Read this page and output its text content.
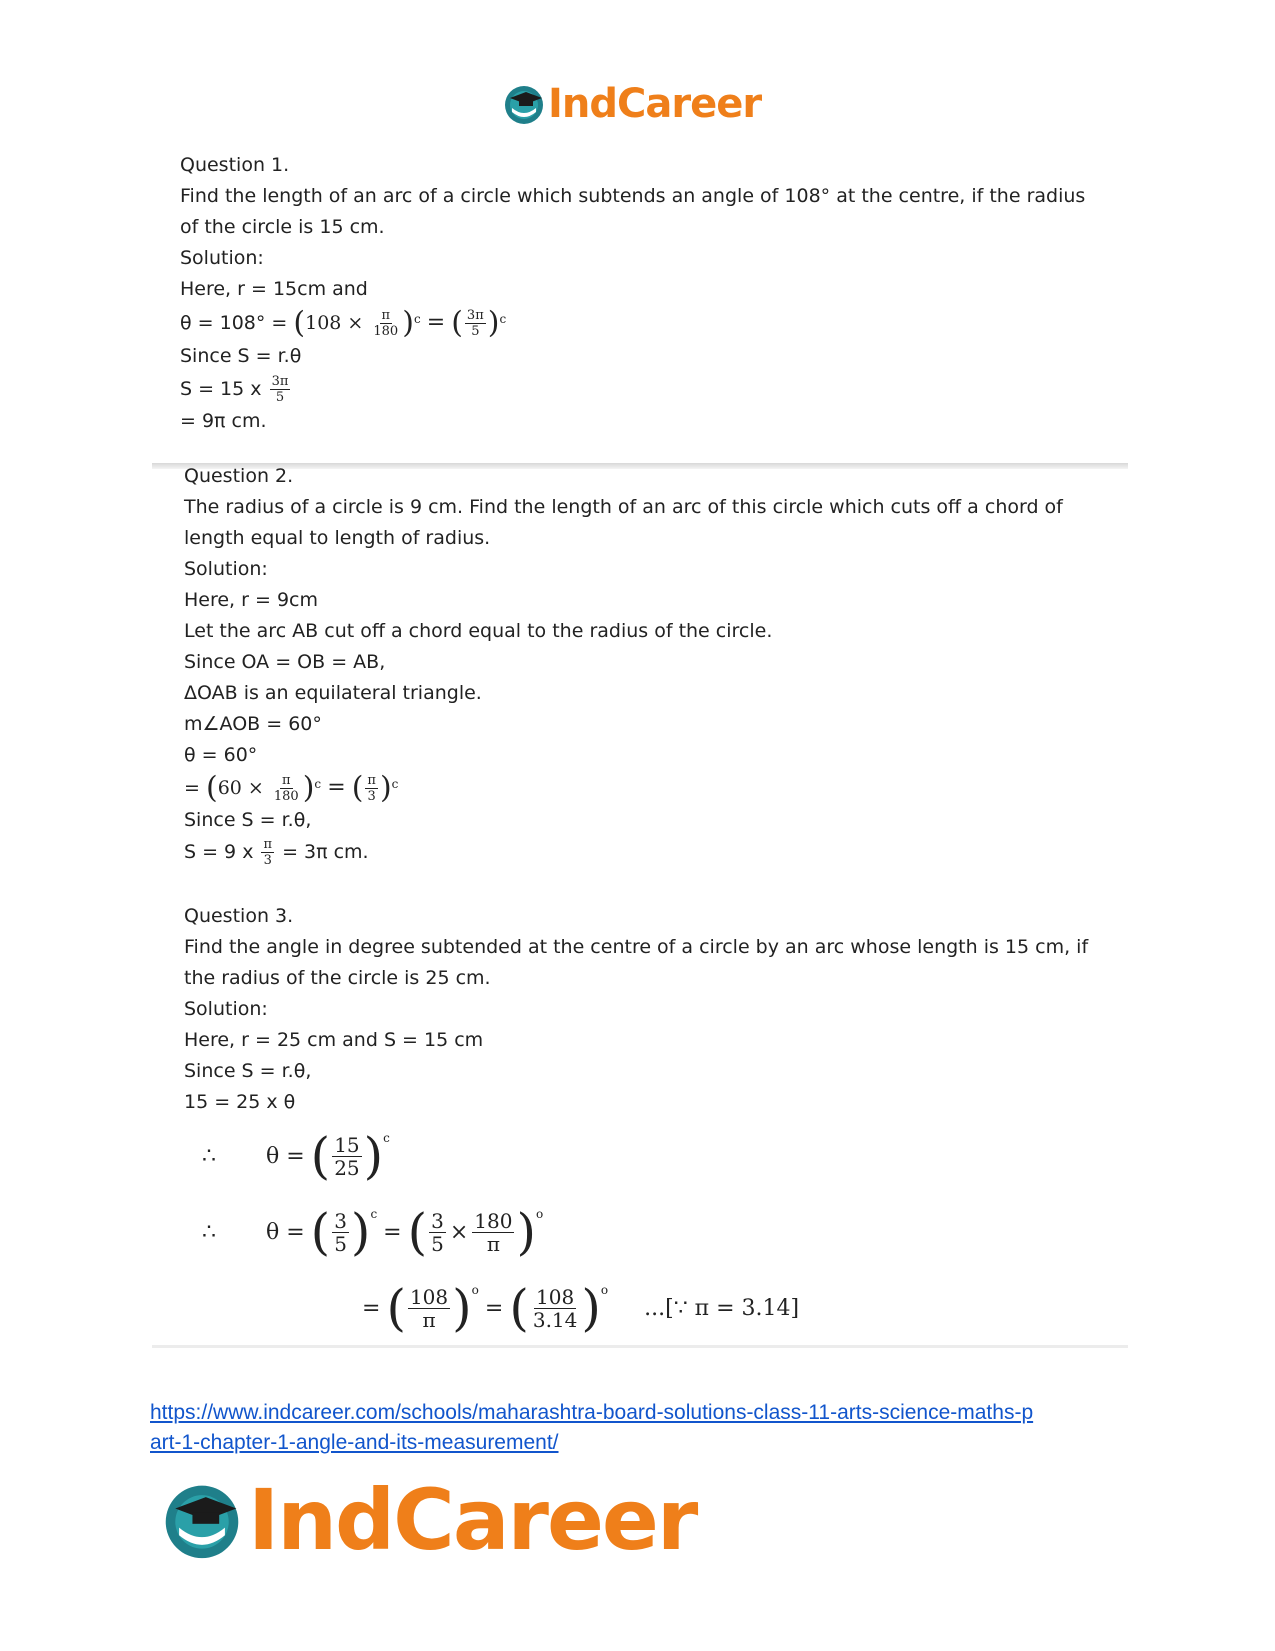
IndCareer
Question 1.
Find the length of an arc of a circle which subtends an angle of 108° at the centre, if the radius
of the circle is 15 cm.
Solution:
Here, r = 15cm and
$\theta = 108^\circ = (108 \times \frac{\pi}{180} )^c$ = ( $\frac{3\pi}{5} )^c$
Since S = r.θ
S = 15 x $\frac{3\pi}{5}$
= 9π cm.
Question 2.
The radius of a circle is 9 cm. Find the length of an arc of this circle which cuts off a chord of
length equal to length of radius.
Solution:
Here, r = 9cm
Let the arc AB cut off a chord equal to the radius of the circle.
Since OA = OB = AB,
ΔOAB is an equilateral triangle.
m∠AOB = 60°
θ = 60°
= $(60 \times \frac{\pi}{180} )^c$ = ( $\frac{\pi}{3} )^c$
Since S = r.θ,
S = 9 x $\frac{\pi}{3} = 3\pi$ cm.
Question 3.
Find the angle in degree subtended at the centre of a circle by an arc whose length is 15 cm, if
the radius of the circle is 25 cm.
Solution:
Here, r = 25 cm and S = 15 cm
Since S = r.θ,
15 = 25 x θ
∴	θ = ( $\frac{15}{25}$ ) c
∴	θ = ( $\frac{3}{5}$ ) c
= ( $\frac{3}{5} \times \frac{180}{\pi}$ ) o
= ( $\frac{108}{\pi}$ ) o
= ( $\frac{108}{3.14}$ ) o
...[∵ π = 3.14]
https://www.indcareer.com/schools/maharashtra-board-solutions-class-11-arts-science-maths-p
art-1-chapter-1-angle-and-its-measurement/
IndCareer
